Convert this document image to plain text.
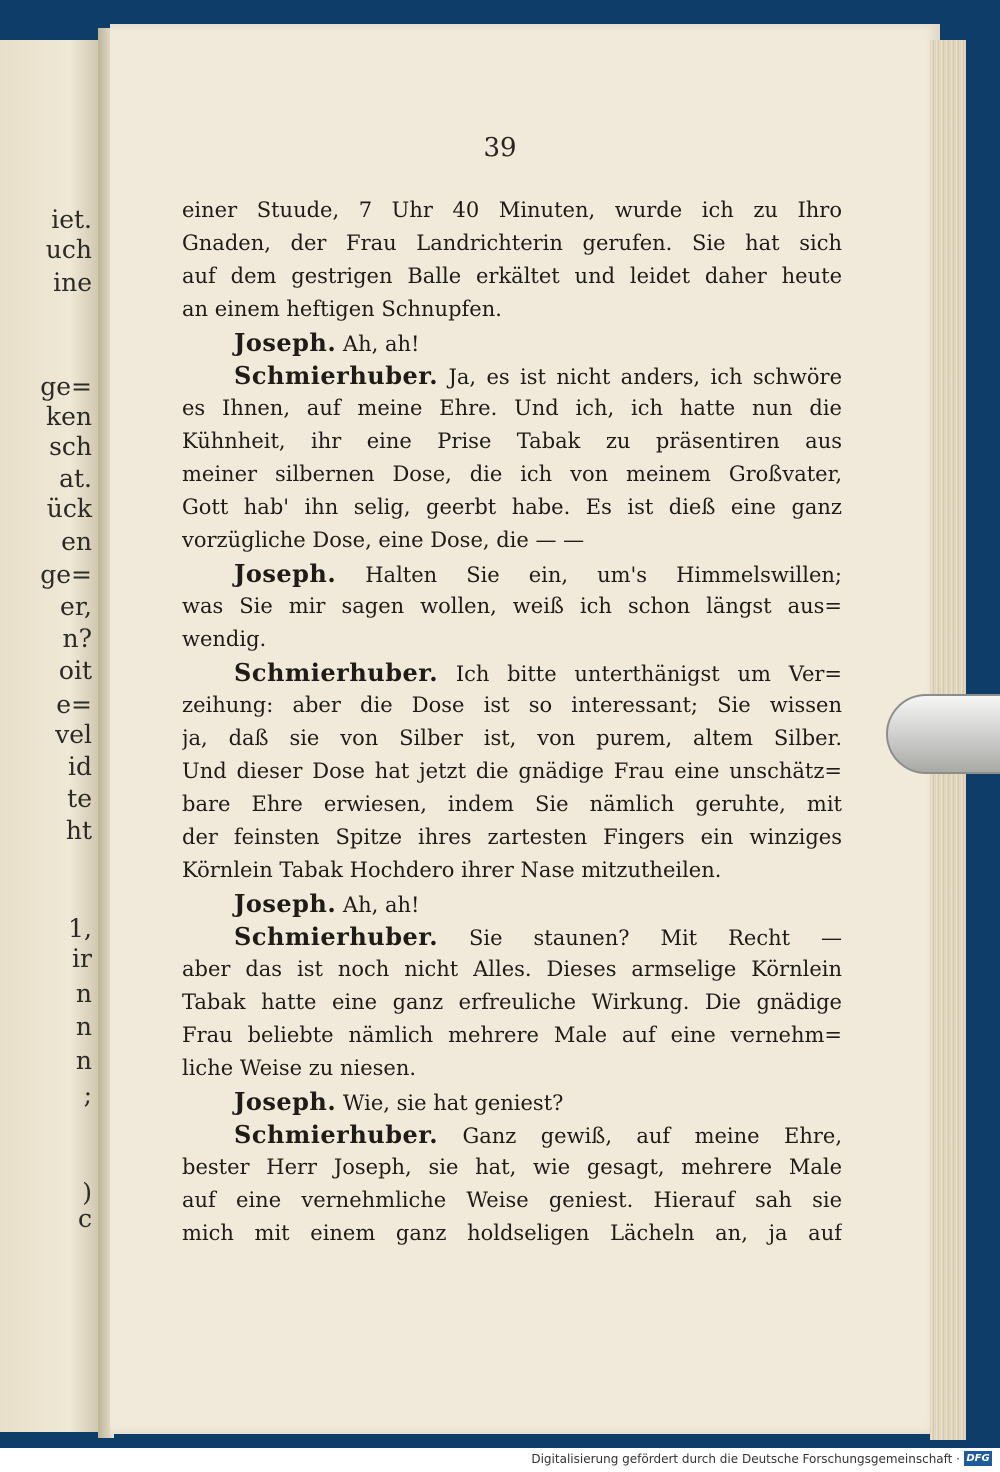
iet.
uch
ine
ge=
ken
sch
at.
ück
en
ge=
er,
n?
oit
e=
vel
id
te
ht
1,
ir
n
n
n
;
)
c
39
einer Stuude, 7 Uhr 40 Minuten, wurde ich zu Ihro
Gnaden, der Frau Landrichterin gerufen. Sie hat sich
auf dem gestrigen Balle erkältet und leidet daher heute
an einem heftigen Schnupfen.
Joseph. Ah, ah!
Schmierhuber. Ja, es ist nicht anders, ich schwöre
es Ihnen, auf meine Ehre. Und ich, ich hatte nun die
Kühnheit, ihr eine Prise Tabak zu präsentiren aus
meiner silbernen Dose, die ich von meinem Großvater,
Gott hab' ihn selig, geerbt habe. Es ist dieß eine ganz
vorzügliche Dose, eine Dose, die — —
Joseph. Halten Sie ein, um's Himmelswillen;
was Sie mir sagen wollen, weiß ich schon längst aus=
wendig.
Schmierhuber. Ich bitte unterthänigst um Ver=
zeihung: aber die Dose ist so interessant; Sie wissen
ja, daß sie von Silber ist, von purem, altem Silber.
Und dieser Dose hat jetzt die gnädige Frau eine unschätz=
bare Ehre erwiesen, indem Sie nämlich geruhte, mit
der feinsten Spitze ihres zartesten Fingers ein winziges
Körnlein Tabak Hochdero ihrer Nase mitzutheilen.
Joseph. Ah, ah!
Schmierhuber. Sie staunen? Mit Recht —
aber das ist noch nicht Alles. Dieses armselige Körnlein
Tabak hatte eine ganz erfreuliche Wirkung. Die gnädige
Frau beliebte nämlich mehrere Male auf eine vernehm=
liche Weise zu niesen.
Joseph. Wie, sie hat geniest?
Schmierhuber. Ganz gewiß, auf meine Ehre,
bester Herr Joseph, sie hat, wie gesagt, mehrere Male
auf eine vernehmliche Weise geniest. Hierauf sah sie
mich mit einem ganz holdseligen Lächeln an, ja auf
Digitalisierung gefördert durch die Deutsche Forschungsgemeinschaft · DFG
